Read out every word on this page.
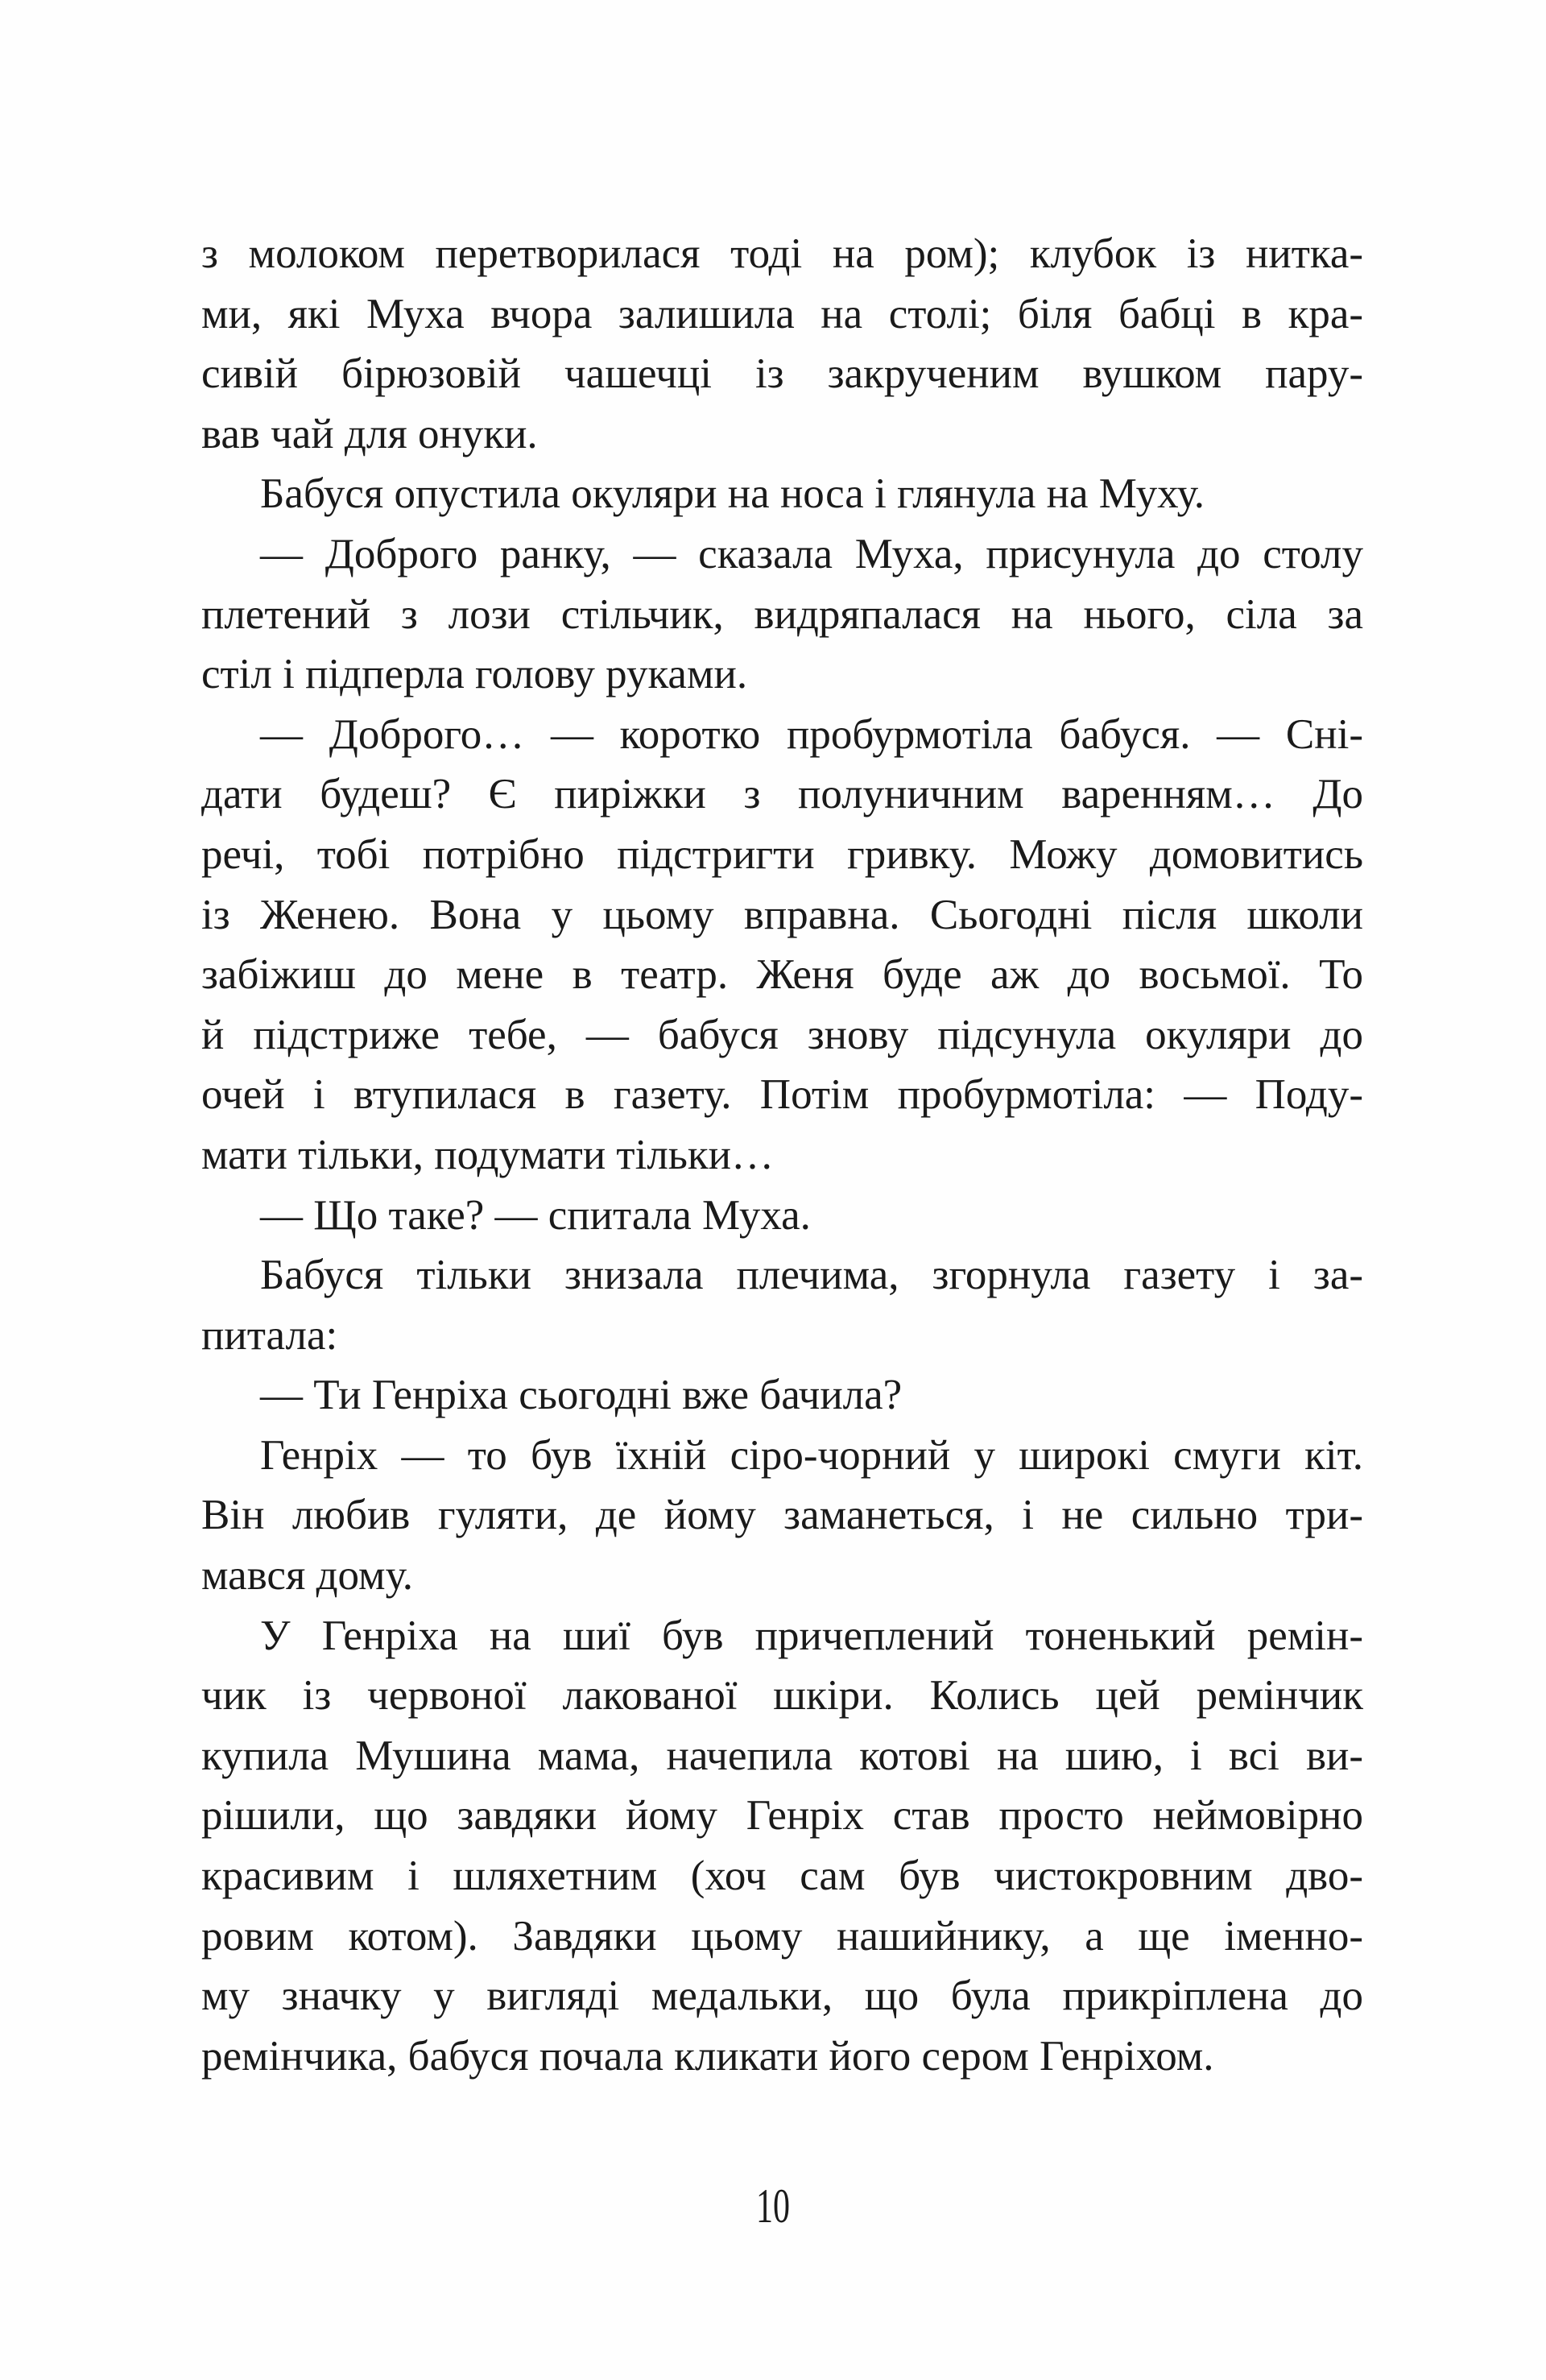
з молоком перетворилася тоді на ром); клубок із нитка-
ми, які Муха вчора залишила на столі; біля бабці в кра-
сивій бірюзовій чашечці із закрученим вушком пару-
вав чай для онуки.
Бабуся опустила окуляри на носа і глянула на Муху.
— Доброго ранку, — сказала Муха, присунула до столу
плетений з лози стільчик, видряпалася на нього, сіла за
стіл і підперла голову руками.
— Доброго… — коротко пробурмотіла бабуся. — Сні-
дати будеш? Є пиріжки з полуничним варенням… До
речі, тобі потрібно підстригти гривку. Можу домовитись
із Женею. Вона у цьому вправна. Сьогодні після школи
забіжиш до мене в театр. Женя буде аж до восьмої. То
й підстриже тебе, — бабуся знову підсунула окуляри до
очей і втупилася в газету. Потім пробурмотіла: — Поду-
мати тільки, подумати тільки…
— Що таке? — спитала Муха.
Бабуся тільки знизала плечима, згорнула газету і за-
питала:
— Ти Генріха сьогодні вже бачила?
Генріх — то був їхній сіро-чорний у широкі смуги кіт.
Він любив гуляти, де йому заманеться, і не сильно три-
мався дому.
У Генріха на шиї був причеплений тоненький ремін-
чик із червоної лакованої шкіри. Колись цей ремінчик
купила Мушина мама, начепила котові на шию, і всі ви-
рішили, що завдяки йому Генріх став просто неймовірно
красивим і шляхетним (хоч сам був чистокровним дво-
ровим котом). Завдяки цьому нашийнику, а ще іменно-
му значку у вигляді медальки, що була прикріплена до
ремінчика, бабуся почала кликати його сером Генріхом.
10
